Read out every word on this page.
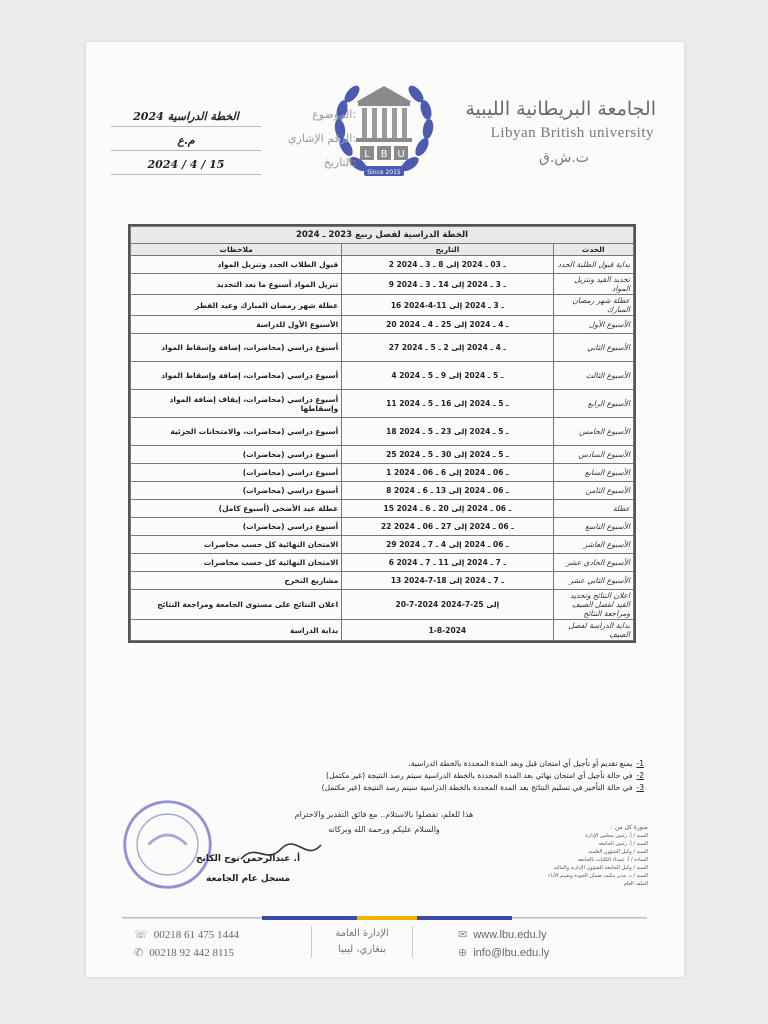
L B U
Since 2015
الجامعة البريطانية الليبية
Libyan British university
ت.ش.ق
الخطة الدراسية 2024	الموضوع:
م.ع	الرقم الإشاري:
2024 / 4 / 15	التاريخ:
الخطة الدراسية لفصل ربيع 2023 ـ 2024		
ملاحظات	التاريخ	الحدث
قبول الطلاب الجدد وتنزيل المواد	2 ـ 03 ـ 2024 إلى 8 ـ 3 ـ 2024	بداية قبول الطلبة الجدد
تنزيل المواد أسبوع ما بعد التجديد	9 ـ 3 ـ 2024 إلى 14 ـ 3 ـ 2024	تجديد القيد وتنزيل المواد
عطلة شهر رمضان المبارك وعيد الفطر	16 ـ 3 ـ 2024 إلى 11-4-2024	عطلة شهر رمضان المبارك
الأسبوع الأول للدراسة	20 ـ 4 ـ 2024 إلى 25 ـ 4 ـ 2024	الأسبوع الأول
أسبوع دراسي (محاضرات، إضافة وإسقاط المواد	27 ـ 4 ـ 2024 إلى 2 ـ 5 ـ 2024	الأسبوع الثاني
أسبوع دراسي (محاضرات، إضافة وإسقاط المواد	4 ـ 5 ـ 2024 إلى 9 ـ 5 ـ 2024	الأسبوع الثالث
أسبوع دراسي (محاضرات، إيقاف إضافة المواد وإسقاطها	11 ـ 5 ـ 2024 إلى 16 ـ 5 ـ 2024	الأسبوع الرابع
أسبوع دراسي (محاضرات، والامتحانات الجزئية	18 ـ 5 ـ 2024 إلى 23 ـ 5 ـ 2024	الأسبوع الخامس
أسبوع دراسي (محاضرات)	25 ـ 5 ـ 2024 إلى 30 ـ 5 ـ 2024	الأسبوع السادس
أسبوع دراسي (محاضرات)	1 ـ 06 ـ 2024 إلى 6 ـ 06 ـ 2024	الأسبوع السابع
أسبوع دراسي (محاضرات)	8 ـ 06 ـ 2024 إلى 13 ـ 6 ـ 2024	الأسبوع الثامن
عطلة عيد الأضحى (أسبوع كامل)	15 ـ 06 ـ 2024 إلى 20 ـ 6 ـ 2024	عطلة
أسبوع دراسي (محاضرات)	22 ـ 06 ـ 2024 إلى 27 ـ 06 ـ 2024	الأسبوع التاسع
الامتحان النهائية كل حسب محاضرات	29 ـ 06 ـ 2024 إلى 4 ـ 7 ـ 2024	الأسبوع العاشر
الامتحان النهائية كل حسب محاضرات	6 ـ 7 ـ 2024 إلى 11 ـ 7 ـ 2024	الأسبوع الحادي عشر
مشاريع التخرج	13 ـ 7 ـ 2024 إلى 18-7-2024	الأسبوع الثاني عشر
اعلان النتائج على مستوى الجامعة ومراجعة النتائج	20-7-2024 إلى 25-7-2024	اعلان النتائج وتجديد القيد لفصل الصيف ومراجعة النتائج
بداية الدراسة	1-8-2024	بداية الدراسة لفصل الصيف
1-يمنع تقديم أو تأجيل أي امتحان قبل وبعد المدة المحددة بالخطة الدراسية.
2-في حالة تأجيل أي امتحان نهائي بعد المدة المحددة بالخطة الدراسية سيتم رصد النتيجة (غير مكتمل)
3-في حالة التأخير في تسليم النتائج بعد المدة المحددة بالخطة الدراسية سيتم رصد النتيجة (غير مكتمل)
هذا للعلم، تفضلوا بالاستلام.. مع فائق التقدير والاحترام
والسلام عليكم ورحمة الله وبركاته	صورة كل من :
السيد / أ. رئيس مجلس الإدارة
السيد / أ. رئيس الجامعة
السيد / وكيل الشؤون العلمية
السادة / أ. عمداء الكليات بالجامعة
السيد / وكيل الجامعة للشؤون الإدارية والمالية
السيد / د. مدير مكتب ضمان الجودة وتقييم الأداء
الملف العام
أ. عبدالرحمن نوح الكانح
مسجل عام الجامعة
☏ 00218 61 475 1444
✆ 00218 92 442 8115
الإدارة العامة
بنغازي، ليبيا
✉ www.lbu.edu.ly
⊕ info@lbu.edu.ly
